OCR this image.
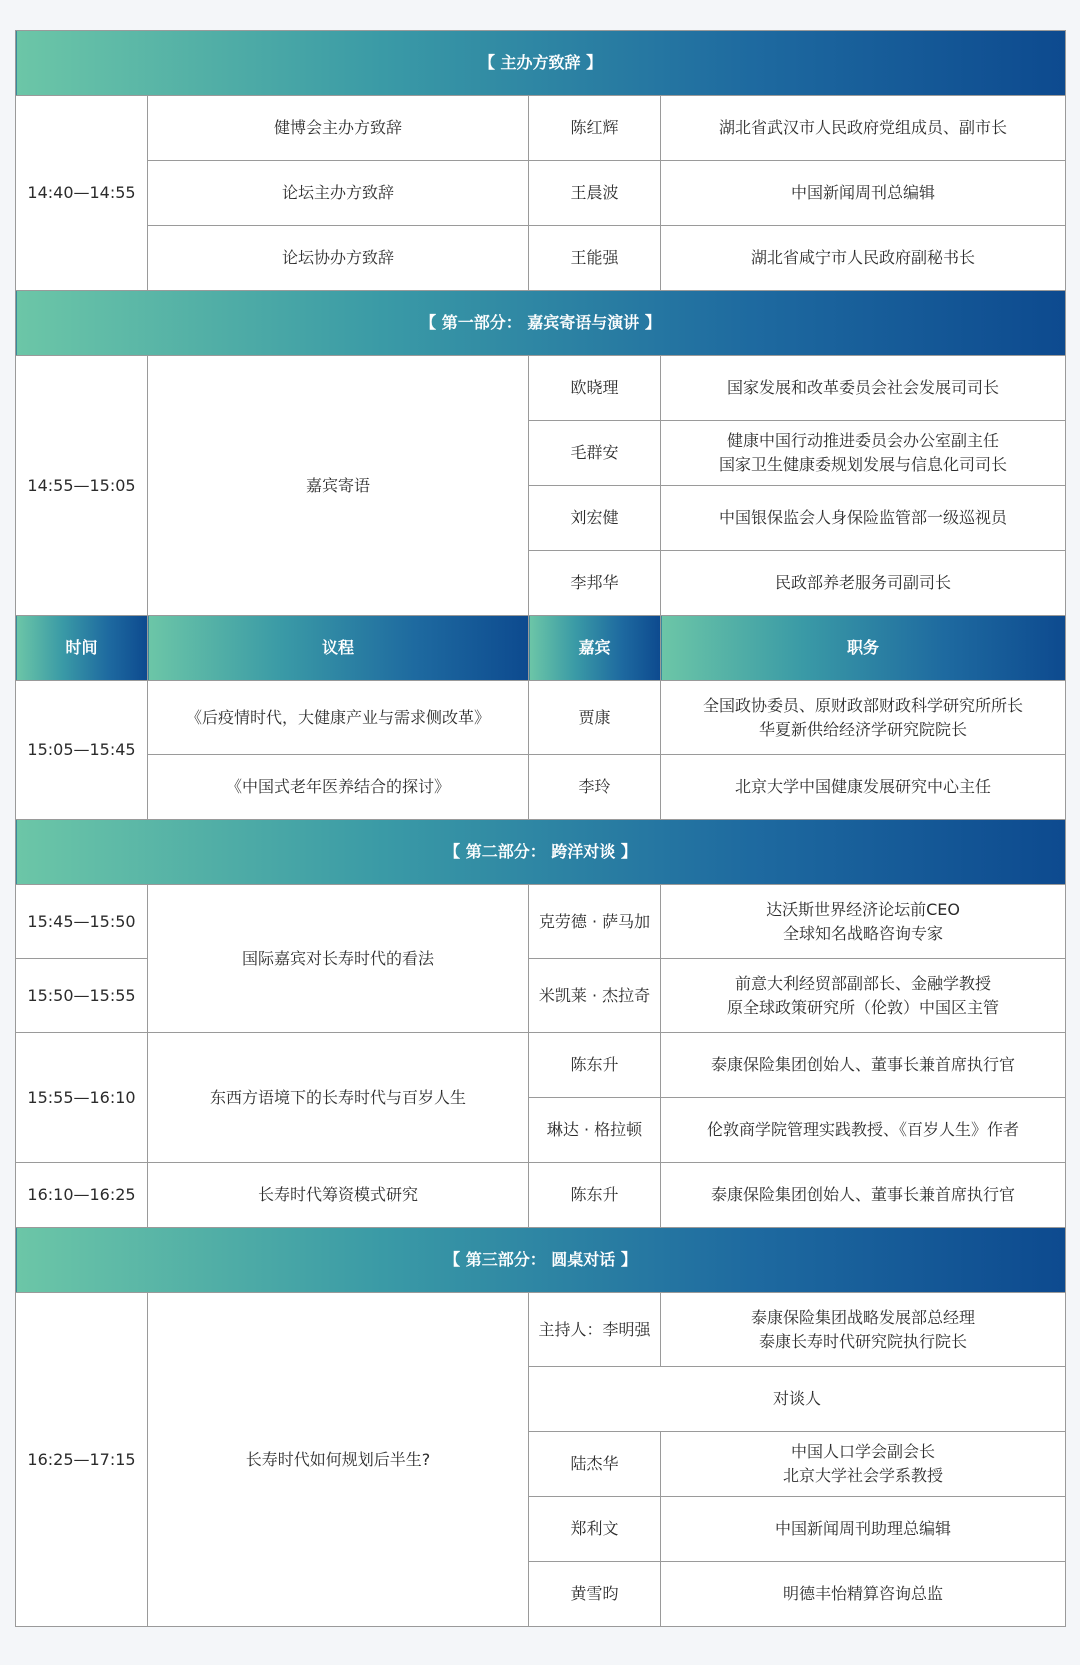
【 主办方致辞 】			
14:40—14:55	健博会主办方致辞	陈红辉	湖北省武汉市人民政府党组成员、副市长
	论坛主办方致辞	王晨波	中国新闻周刊总编辑
	论坛协办方致辞	王能强	湖北省咸宁市人民政府副秘书长
【 第一部分： 嘉宾寄语与演讲 】			
14:55—15:05	嘉宾寄语	欧晓理	国家发展和改革委员会社会发展司司长

		毛群安	健康中国行动推进委员会办公室副主任
国家卫生健康委规划发展与信息化司司长

		刘宏健	中国银保监会人身保险监管部一级巡视员

		李邦华	民政部养老服务司副司长

时间	议程	嘉宾	职务
15:05—15:45	《后疫情时代，大健康产业与需求侧改革》	贾康	全国政协委员、原财政部财政科学研究所所长
华夏新供给经济学研究院院长

	《中国式老年医养结合的探讨》	李玲	北京大学中国健康发展研究中心主任

【 第二部分： 跨洋对谈 】			
15:45—15:50	国际嘉宾对长寿时代的看法	克劳德 · 萨马加	达沃斯世界经济论坛前CEO
全球知名战略咨询专家

15:50—15:55		米凯莱 · 杰拉奇	前意大利经贸部副部长、金融学教授
原全球政策研究所（伦敦）中国区主管

15:55—16:10	东西方语境下的长寿时代与百岁人生	陈东升	泰康保险集团创始人、董事长兼首席执行官

		琳达 · 格拉顿	伦敦商学院管理实践教授、《百岁人生》作者

16:10—16:25	长寿时代筹资模式研究	陈东升	泰康保险集团创始人、董事长兼首席执行官
【 第三部分： 圆桌对话 】			
16:25—17:15	长寿时代如何规划后半生?	主持人：李明强	泰康保险集团战略发展部总经理
泰康长寿时代研究院执行院长

		对谈人	
		陆杰华	中国人口学会副会长
北京大学社会学系教授

		郑利文	中国新闻周刊助理总编辑

		黄雪昀	明德丰怡精算咨询总监
